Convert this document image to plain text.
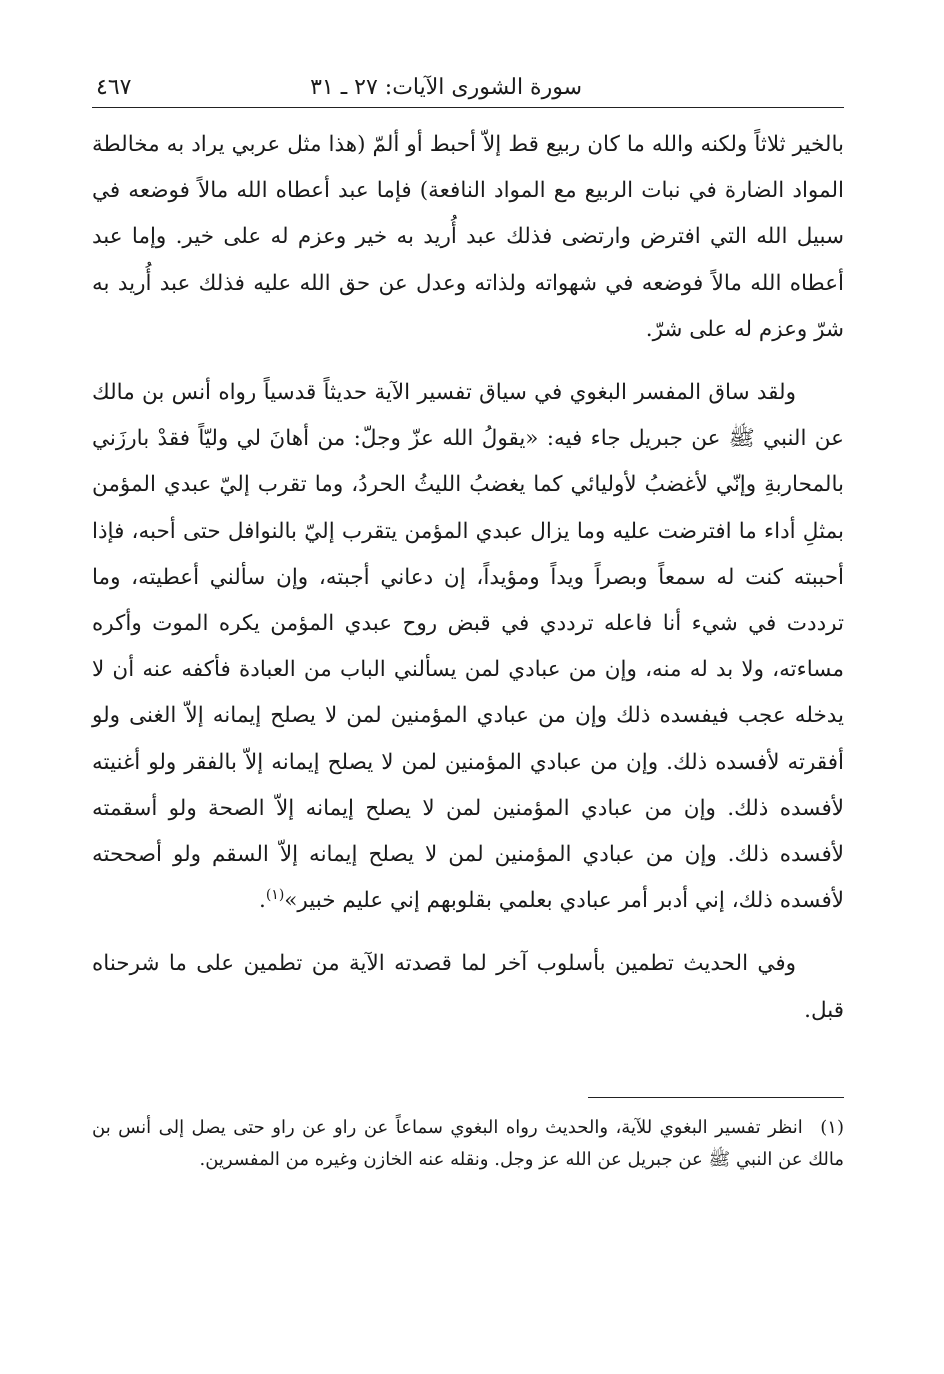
سورة الشورى الآيات: ٢٧ ـ ٣١
٤٦٧

بالخير ثلاثاً ولكنه والله ما كان ربيع قط إلاّ أحبط أو ألمّ (هذا مثل عربي يراد به مخالطة المواد الضارة في نبات الربيع مع المواد النافعة) فإما عبد أعطاه الله مالاً فوضعه في سبيل الله التي افترض وارتضى فذلك عبد أُريد به خير وعزم له على خير. وإما عبد أعطاه الله مالاً فوضعه في شهواته ولذاته وعدل عن حق الله عليه فذلك عبد أُريد به شرّ وعزم له على شرّ.

ولقد ساق المفسر البغوي في سياق تفسير الآية حديثاً قدسياً رواه أنس بن مالك عن النبي ﷺ عن جبريل جاء فيه: «يقولُ الله عزّ وجلّ: من أهانَ لي وليّاً فقدْ بارزَني بالمحاربةِ وإنّي لأغضبُ لأوليائي كما يغضبُ الليثُ الحردُ، وما تقرب إليّ عبدي المؤمن بمثلِ أداء ما افترضت عليه وما يزال عبدي المؤمن يتقرب إليّ بالنوافل حتى أحبه، فإذا أحببته كنت له سمعاً وبصراً ويداً ومؤيداً، إن دعاني أجبته، وإن سألني أعطيته، وما ترددت في شيء أنا فاعله ترددي في قبض روح عبدي المؤمن يكره الموت وأكره مساءته، ولا بد له منه، وإن من عبادي لمن يسألني الباب من العبادة فأكفه عنه أن لا يدخله عجب فيفسده ذلك وإن من عبادي المؤمنين لمن لا يصلح إيمانه إلاّ الغنى ولو أفقرته لأفسده ذلك. وإن من عبادي المؤمنين لمن لا يصلح إيمانه إلاّ بالفقر ولو أغنيته لأفسده ذلك. وإن من عبادي المؤمنين لمن لا يصلح إيمانه إلاّ الصحة ولو أسقمته لأفسده ذلك. وإن من عبادي المؤمنين لمن لا يصلح إيمانه إلاّ السقم ولو أصححته لأفسده ذلك، إني أدبر أمر عبادي بعلمي بقلوبهم إني عليم خبير»$^{(١)}$.

وفي الحديث تطمين بأسلوب آخر لما قصدته الآية من تطمين على ما شرحناه قبل.

(١) انظر تفسير البغوي للآية، والحديث رواه البغوي سماعاً عن راو عن راو حتى يصل إلى أنس بن مالك عن النبي ﷺ عن جبريل عن الله عز وجل. ونقله عنه الخازن وغيره من المفسرين.
